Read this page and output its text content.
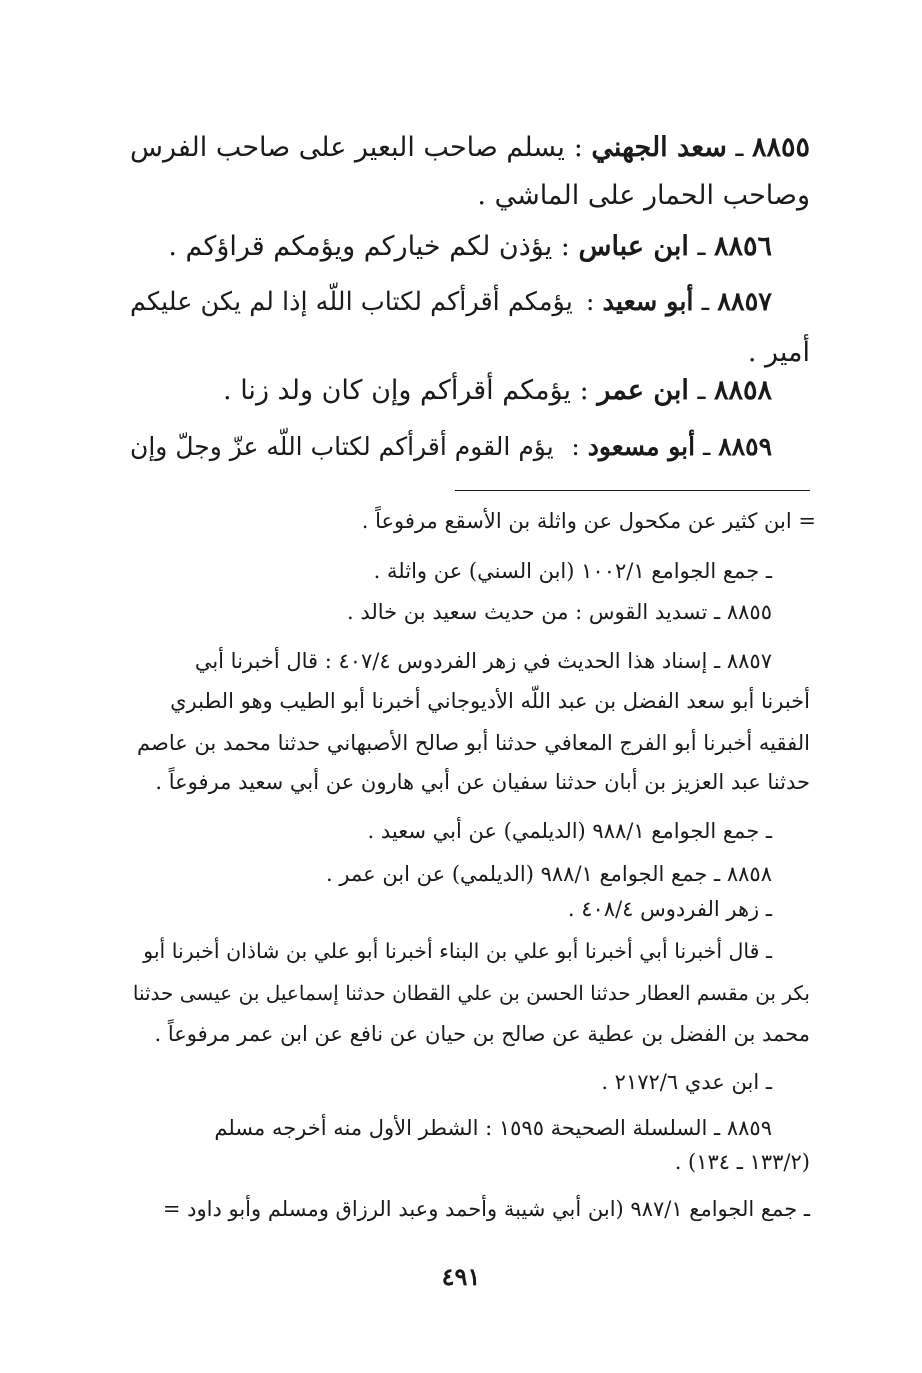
٨٨٥٥ ـ سعد الجهني :
يسلم صاحب البعير على صاحب الفرس
وصاحب الحمار على الماشي .
٨٨٥٦ ـ ابن عباس : يؤذن لكم خياركم ويؤمكم قراؤكم .
٨٨٥٧ ـ أبو سعيد :
يؤمكم أقرأكم لكتاب اللّه إذا لم يكن عليكم
أمير .
٨٨٥٨ ـ ابن عمر : يؤمكم أقرأكم وإن كان ولد زنا .
٨٨٥٩ ـ أبو مسعود :
يؤم القوم أقرأكم لكتاب اللّه عزّ وجلّ وإن
= ابن كثير عن مكحول عن واثلة بن الأسقع مرفوعاً .
ـ جمع الجوامع ١٠٠٢/١ (ابن السني) عن واثلة .
٨٨٥٥ ـ تسديد القوس : من حديث سعيد بن خالد .
٨٨٥٧ ـ إسناد هذا الحديث في زهر الفردوس ٤٠٧/٤ : قال أخبرنا أبي
أخبرنا أبو سعد الفضل بن عبد اللّه الأديوجاني أخبرنا أبو الطيب وهو الطبري
الفقيه أخبرنا أبو الفرج المعافي حدثنا أبو صالح الأصبهاني حدثنا محمد بن عاصم
حدثنا عبد العزيز بن أبان حدثنا سفيان عن أبي هارون عن أبي سعيد مرفوعاً .
ـ جمع الجوامع ٩٨٨/١ (الديلمي) عن أبي سعيد .
٨٨٥٨ ـ جمع الجوامع ٩٨٨/١ (الديلمي) عن ابن عمر .
ـ زهر الفردوس ٤٠٨/٤ .
ـ قال أخبرنا أبي أخبرنا أبو علي بن البناء أخبرنا أبو علي بن شاذان أخبرنا أبو
بكر بن مقسم العطار حدثنا الحسن بن علي القطان حدثنا إسماعيل بن عيسى حدثنا
محمد بن الفضل بن عطية عن صالح بن حيان عن نافع عن ابن عمر مرفوعاً .
ـ ابن عدي ٢١٧٢/٦ .
٨٨٥٩ ـ السلسلة الصحيحة ١٥٩٥ : الشطر الأول منه أخرجه مسلم
(١٣٣/٢ ـ ١٣٤) .
ـ جمع الجوامع ٩٨٧/١ (ابن أبي شيبة وأحمد وعبد الرزاق ومسلم وأبو داود =
٤٩١
